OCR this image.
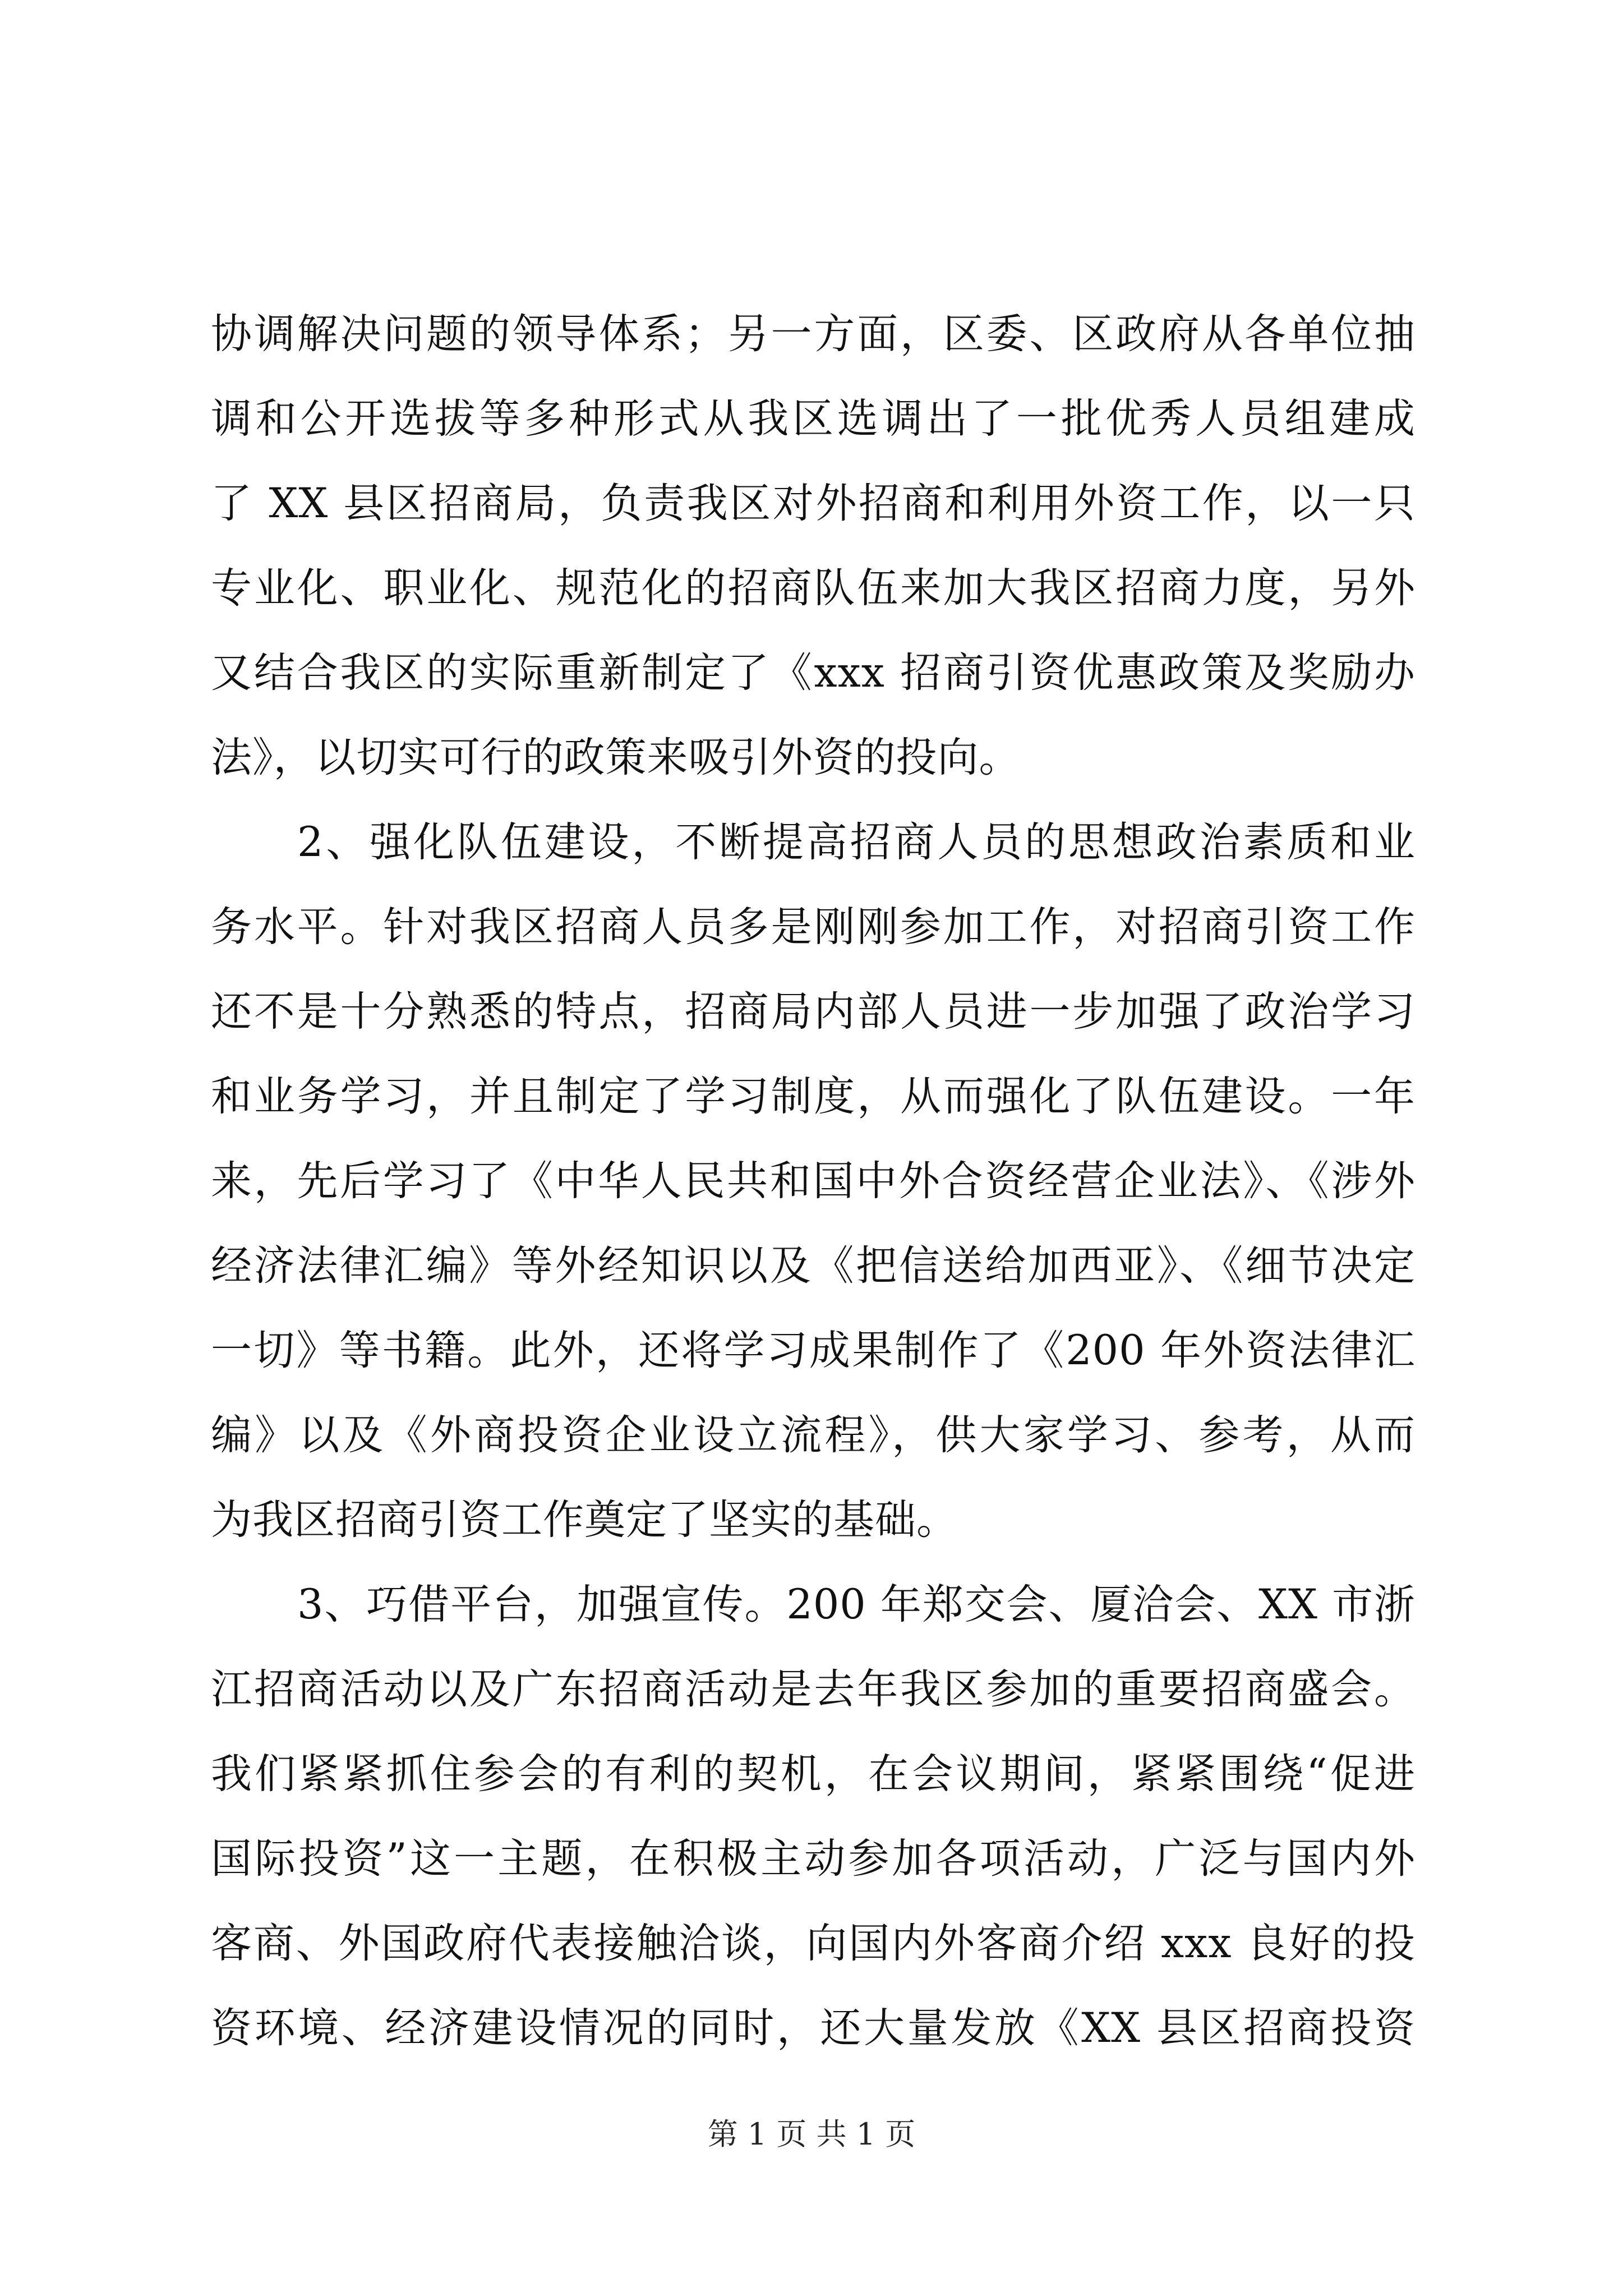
协调解决问题的领导体系；另一方面，区委、区政府从各单位抽
调和公开选拔等多种形式从我区选调出了一批优秀人员组建成
了 XX 县区招商局，负责我区对外招商和利用外资工作，以一只
专业化、职业化、规范化的招商队伍来加大我区招商力度，另外
又结合我区的实际重新制定了《xxx 招商引资优惠政策及奖励办
法》，以切实可行的政策来吸引外资的投向。
2、强化队伍建设，不断提高招商人员的思想政治素质和业
务水平。针对我区招商人员多是刚刚参加工作，对招商引资工作
还不是十分熟悉的特点，招商局内部人员进一步加强了政治学习
和业务学习，并且制定了学习制度，从而强化了队伍建设。一年
来，先后学习了《中华人民共和国中外合资经营企业法》、《涉外
经济法律汇编》等外经知识以及《把信送给加西亚》、《细节决定
一切》等书籍。此外，还将学习成果制作了《200 年外资法律汇
编》以及《外商投资企业设立流程》，供大家学习、参考，从而
为我区招商引资工作奠定了坚实的基础。
3、巧借平台，加强宣传。200 年郑交会、厦洽会、XX 市浙
江招商活动以及广东招商活动是去年我区参加的重要招商盛会。
我们紧紧抓住参会的有利的契机，在会议期间，紧紧围绕“促进
国际投资”这一主题，在积极主动参加各项活动，广泛与国内外
客商、外国政府代表接触洽谈，向国内外客商介绍 xxx 良好的投
资环境、经济建设情况的同时，还大量发放《XX 县区招商投资
第 1 页 共 1 页
